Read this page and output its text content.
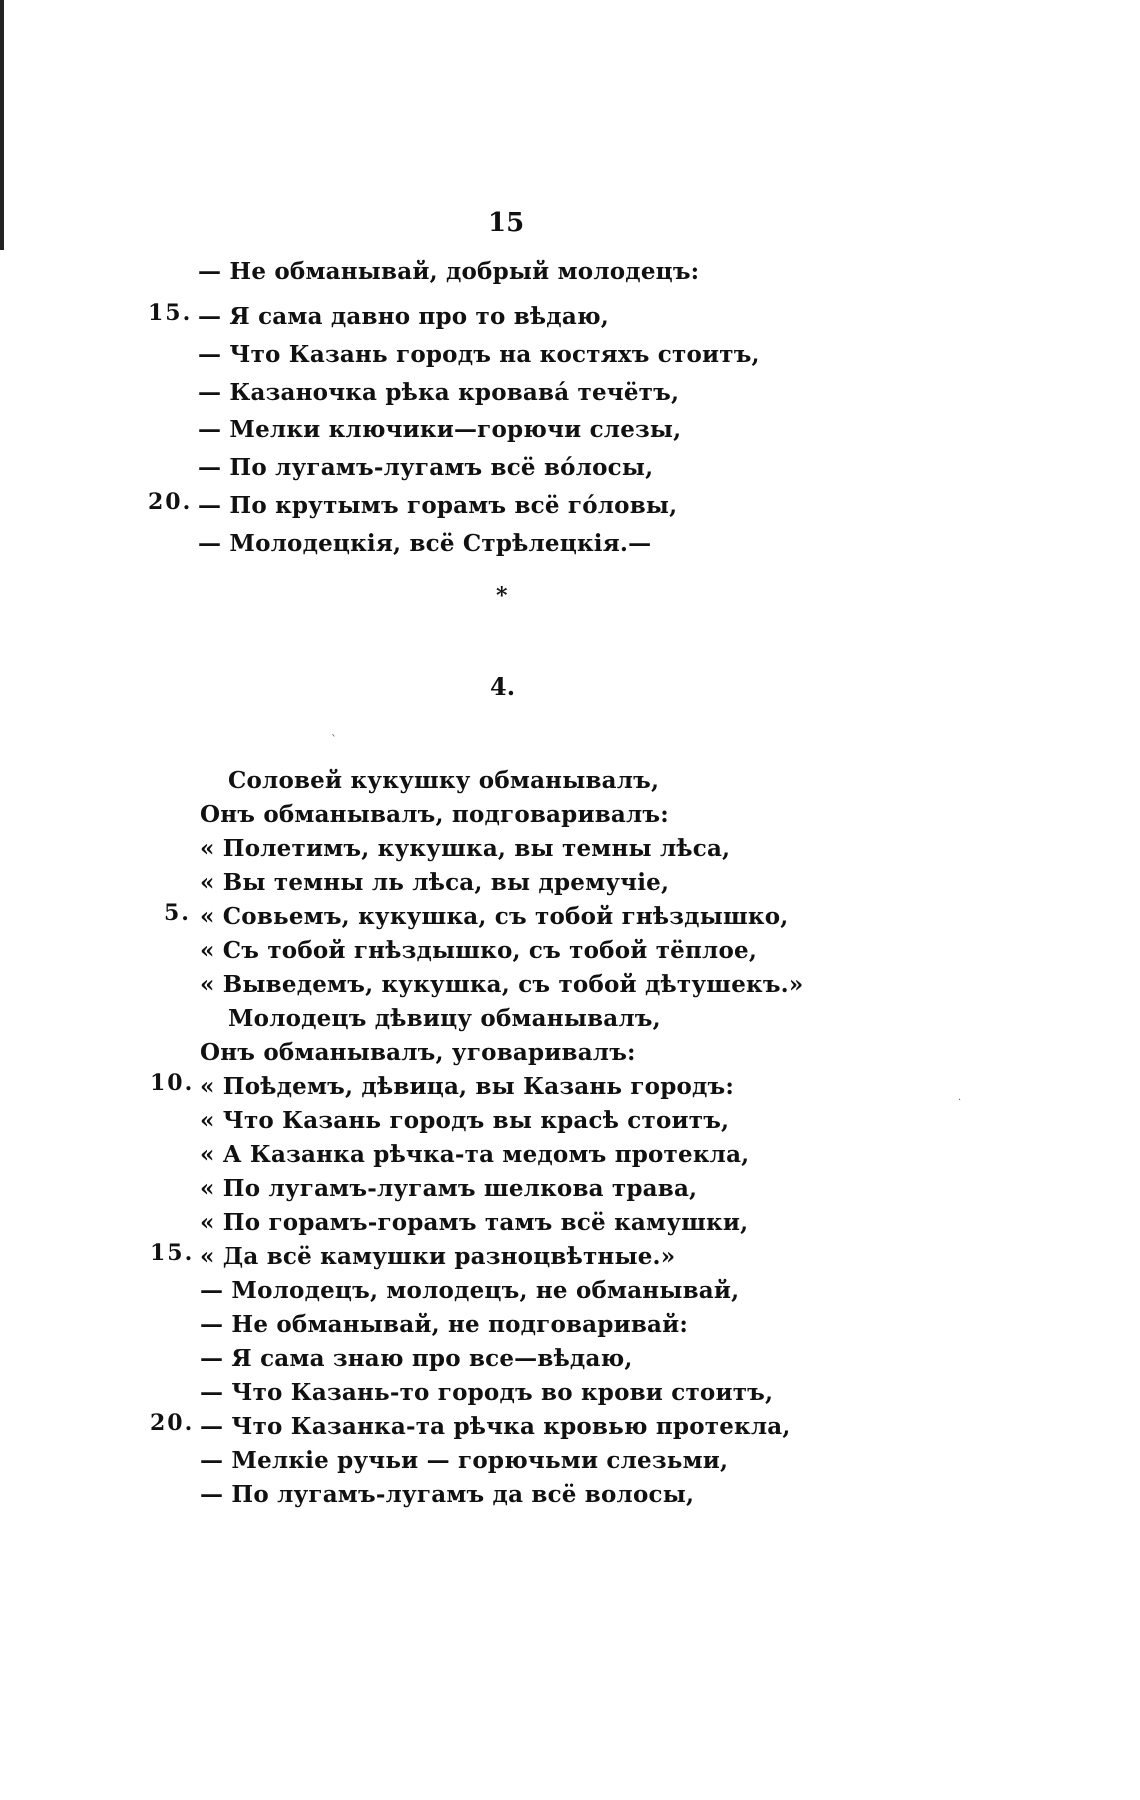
15
— Не обманывай, добрый молодецъ:
15. — Я сама давно про то вѣдаю,
— Что Казань городъ на костяхъ стоитъ,
— Казаночка рѣка кровавá течётъ,
— Мелки ключики—горючи слезы,
— По лугамъ-лугамъ всё вóлосы,
20. — По крутымъ горамъ всё гóловы,
— Молодецкія, всё Стрѣлецкія.—
*
4.
`
Соловей кукушку обманывалъ,
Онъ обманывалъ, подговаривалъ:
« Полетимъ, кукушка, вы темны лѣса,
« Вы темны ль лѣса, вы дремучіе,
5. « Совьемъ, кукушка, съ тобой гнѣздышко,
« Съ тобой гнѣздышко, съ тобой тёплое,
« Выведемъ, кукушка, съ тобой дѣтушекъ.»
Молодецъ дѣвицу обманывалъ,
Онъ обманывалъ, уговаривалъ:
10. « Поѣдемъ, дѣвица, вы Казань городъ:
« Что Казань городъ вы красѣ стоитъ,
« А Казанка рѣчка-та медомъ протекла,
« По лугамъ-лугамъ шелкова трава,
« По горамъ-горамъ тамъ всё камушки,
15. « Да всё камушки разноцвѣтные.»
— Молодецъ, молодецъ, не обманывай,
— Не обманывай, не подговаривай:
— Я сама знаю про все—вѣдаю,
— Что Казань-то городъ во крови стоитъ,
20. — Что Казанка-та рѣчка кровью протекла,
— Мелкіе ручьи — горючьми слезьми,
— По лугамъ-лугамъ да всё волосы,
·
